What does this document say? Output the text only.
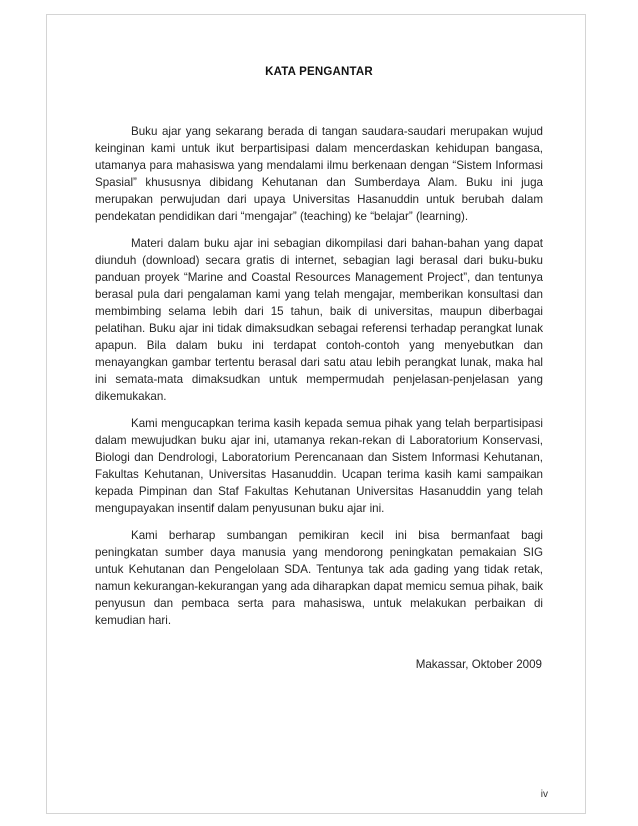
KATA PENGANTAR

Buku ajar yang sekarang berada di tangan saudara-saudari merupakan wujud keinginan kami untuk ikut berpartisipasi dalam mencerdaskan kehidupan bangasa, utamanya para mahasiswa yang mendalami ilmu berkenaan dengan “Sistem Informasi Spasial” khususnya dibidang Kehutanan dan Sumberdaya Alam. Buku ini juga merupakan perwujudan dari upaya Universitas Hasanuddin untuk berubah dalam pendekatan pendidikan dari “mengajar” (teaching) ke “belajar” (learning).

Materi dalam buku ajar ini sebagian dikompilasi dari bahan-bahan yang dapat diunduh (download) secara gratis di internet, sebagian lagi berasal dari buku-buku panduan proyek “Marine and Coastal Resources Management Project”, dan tentunya berasal pula dari pengalaman kami yang telah mengajar, memberikan konsultasi dan membimbing selama lebih dari 15 tahun, baik di universitas, maupun diberbagai pelatihan. Buku ajar ini tidak dimaksudkan sebagai referensi terhadap perangkat lunak apapun. Bila dalam buku ini terdapat contoh-contoh yang menyebutkan dan menayangkan gambar tertentu berasal dari satu atau lebih perangkat lunak, maka hal ini semata-mata dimaksudkan untuk mempermudah penjelasan-penjelasan yang dikemukakan.

Kami mengucapkan terima kasih kepada semua pihak yang telah berpartisipasi dalam mewujudkan buku ajar ini, utamanya rekan-rekan di Laboratorium Konservasi, Biologi dan Dendrologi, Laboratorium Perencanaan dan Sistem Informasi Kehutanan, Fakultas Kehutanan, Universitas Hasanuddin. Ucapan terima kasih kami sampaikan kepada Pimpinan dan Staf Fakultas Kehutanan Universitas Hasanuddin yang telah mengupayakan insentif dalam penyusunan buku ajar ini.

Kami berharap sumbangan pemikiran kecil ini bisa bermanfaat bagi peningkatan sumber daya manusia yang mendorong peningkatan pemakaian SIG untuk Kehutanan dan Pengelolaan SDA. Tentunya tak ada gading yang tidak retak, namun kekurangan-kekurangan yang ada diharapkan dapat memicu semua pihak, baik penyusun dan pembaca serta para mahasiswa, untuk melakukan perbaikan di kemudian hari.

Makassar, Oktober 2009
iv
